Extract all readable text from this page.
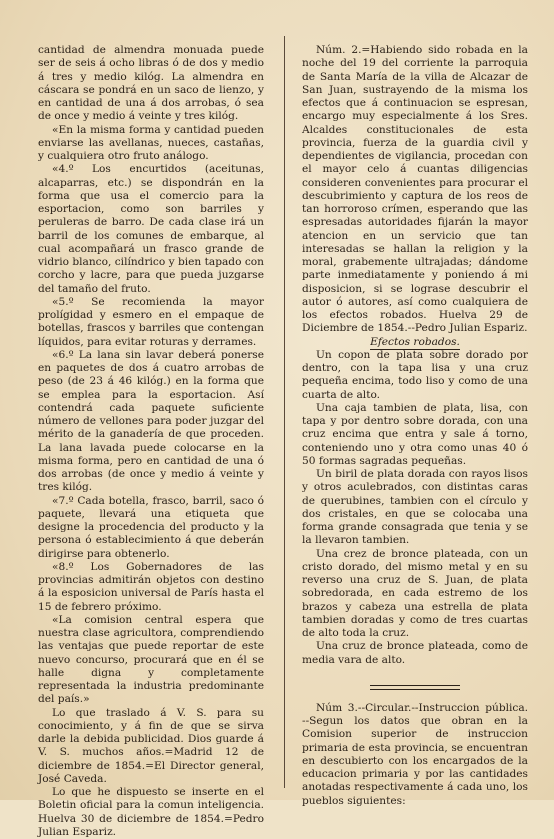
cantidad de almendra monuada puede ser de seis á ocho libras ó de dos y medio á tres y medio kilóg. La almendra en cáscara se pondrá en un saco de lienzo, y en cantidad de una á dos arrobas, ó sea de once y medio á veinte y tres kilóg.

«En la misma forma y cantidad pueden enviarse las avellanas, nueces, castañas, y cualquiera otro fruto análogo.

«4.º Los encurtidos (aceitunas, alcaparras, etc.) se dispondrán en la forma que usa el comercio para la esportacion, como son barriles y peruleras de barro. De cada clase irá un barril de los comunes de embarque, al cual acompañará un frasco grande de vidrio blanco, cilíndrico y bien tapado con corcho y lacre, para que pueda juzgarse del tamaño del fruto.

«5.º Se recomienda la mayor prolígidad y esmero en el empaque de botellas, frascos y barriles que contengan líquidos, para evitar roturas y derrames.

«6.º La lana sin lavar deberá ponerse en paquetes de dos á cuatro arrobas de peso (de 23 á 46 kilóg.) en la forma que se emplea para la esportacion. Así contendrá cada paquete suficiente número de vellones para poder juzgar del mérito de la ganadería de que proceden. La lana lavada puede colocarse en la misma forma, pero en cantidad de una ó dos arrobas (de once y medio á veinte y tres kilóg.

«7.º Cada botella, frasco, barril, saco ó paquete, llevará una etiqueta que designe la procedencia del producto y la persona ó establecimiento á que deberán dirigirse para obtenerlo.

«8.º Los Gobernadores de las provincias admitirán objetos con destino á la esposicion universal de París hasta el 15 de febrero próximo.

«La comision central espera que nuestra clase agricultora, comprendiendo las ventajas que puede reportar de este nuevo concurso, procurará que en él se halle digna y completamente representada la industria predominante del país.»

Lo que traslado á V. S. para su conocimiento, y á fin de que se sirva darle la debida publicidad. Dios guarde á V. S. muchos años.=Madrid 12 de diciembre de 1854.=El Director general, José Caveda.

Lo que he dispuesto se inserte en el Boletin oficial para la comun inteligencia. Huelva 30 de diciembre de 1854.=Pedro Julian Espariz.

Núm. 2.=Habiendo sido robada en la noche del 19 del corriente la parroquia de Santa María de la villa de Alcazar de San Juan, sustrayendo de la misma los efectos que á continuacion se espresan, encargo muy especialmente á los Sres. Alcaldes constitucionales de esta provincia, fuerza de la guardia civil y dependientes de vigilancia, procedan con el mayor celo á cuantas diligencias consideren convenientes para procurar el descubrimiento y captura de los reos de tan horroroso crímen, esperando que las espresadas autoridades fijarán la mayor atencion en un servicio que tan interesadas se hallan la religion y la moral, grabemente ultrajadas; dándome parte inmediatamente y poniendo á mi disposicion, si se lograse descubrir el autor ó autores, así como cualquiera de los efectos robados. Huelva 29 de Diciembre de 1854.--Pedro Julian Espariz.

Efectos robados.

Un copon de plata sobre dorado por dentro, con la tapa lisa y una cruz pequeña encima, todo liso y como de una cuarta de alto.

Una caja tambien de plata, lisa, con tapa y por dentro sobre dorada, con una cruz encima que entra y sale á torno, conteniendo uno y otra como unas 40 ó 50 formas sagradas pequeñas.

Un biril de plata dorada con rayos lisos y otros aculebrados, con distintas caras de querubines, tambien con el círculo y dos cristales, en que se colocaba una forma grande consagrada que tenia y se la llevaron tambien.

Una crez de bronce plateada, con un cristo dorado, del mismo metal y en su reverso una cruz de S. Juan, de plata sobredorada, en cada estremo de los brazos y cabeza una estrella de plata tambien doradas y como de tres cuartas de alto toda la cruz.

Una cruz de bronce plateada, como de media vara de alto.

Núm 3.--Circular.--Instruccion pública. --Segun los datos que obran en la Comision superior de instruccion primaria de esta provincia, se encuentran en descubierto con los encargados de la educacion primaria y por las cantidades anotadas respectivamente á cada uno, los pueblos siguientes:
